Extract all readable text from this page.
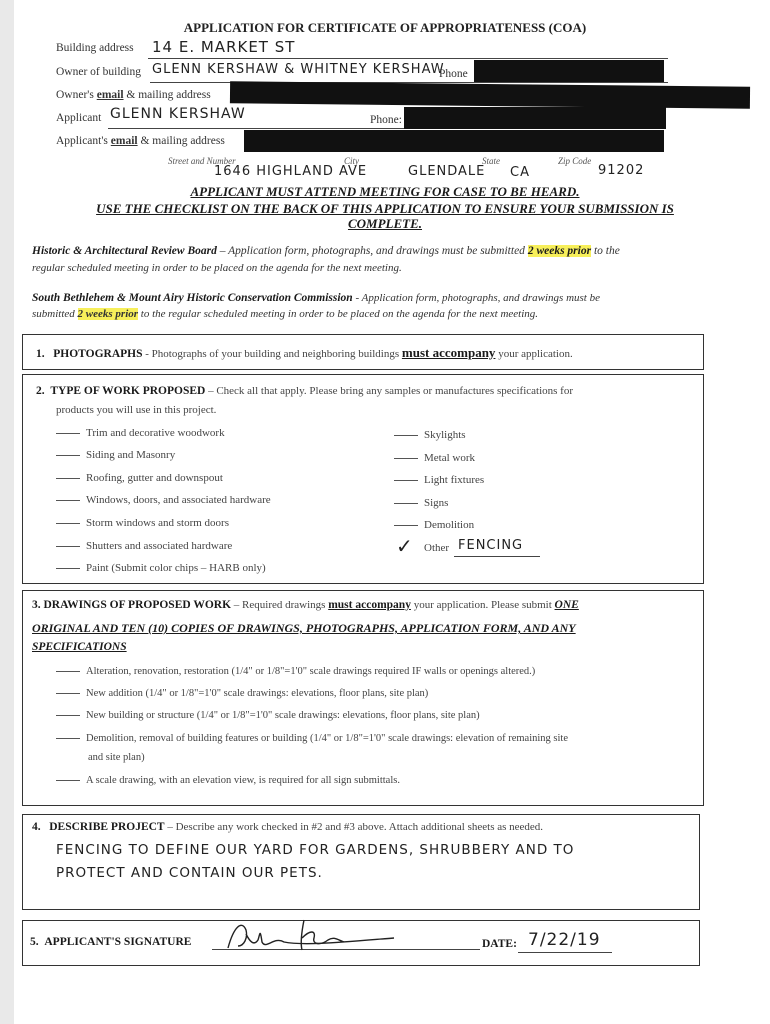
APPLICATION FOR CERTIFICATE OF APPROPRIATENESS (COA)
Building address 14 E. MARKET ST
Owner of building GLENN KERSHAW & WHITNEY KERSHAW
Phone
Owner's email & mailing address
Applicant GLENN KERSHAW	Phone:
Applicant's email & mailing address
Street and Number	City	State	Zip Code
1646 HIGHLAND AVE	GLENDALE CA	91202
APPLICANT MUST ATTEND MEETING FOR CASE TO BE HEARD.
USE THE CHECKLIST ON THE BACK OF THIS APPLICATION TO ENSURE YOUR SUBMISSION IS
COMPLETE.
Historic & Architectural Review Board – Application form, photographs, and drawings must be submitted 2 weeks prior to the
regular scheduled meeting in order to be placed on the agenda for the next meeting.
South Bethlehem & Mount Airy Historic Conservation Commission - Application form, photographs, and drawings must be
submitted 2 weeks prior to the regular scheduled meeting in order to be placed on the agenda for the next meeting.
1. PHOTOGRAPHS - Photographs of your building and neighboring buildings must accompany your application.
2. TYPE OF WORK PROPOSED – Check all that apply. Please bring any samples or manufactures specifications for
products you will use in this project.
Trim and decorative woodwork
Siding and Masonry
Roofing, gutter and downspout
Windows, doors, and associated hardware
Storm windows and storm doors
Shutters and associated hardware
Paint (Submit color chips – HARB only)
Skylights
Metal work
Light fixtures
Signs
Demolition
✓ Other FENCING
3. DRAWINGS OF PROPOSED WORK – Required drawings must accompany your application. Please submit ONE
ORIGINAL AND TEN (10) COPIES OF DRAWINGS, PHOTOGRAPHS, APPLICATION FORM, AND ANY
SPECIFICATIONS
Alteration, renovation, restoration (1/4" or 1/8"=1'0" scale drawings required IF walls or openings altered.)
New addition (1/4" or 1/8"=1'0" scale drawings: elevations, floor plans, site plan)
New building or structure (1/4" or 1/8"=1'0" scale drawings: elevations, floor plans, site plan)
Demolition, removal of building features or building (1/4" or 1/8"=1'0" scale drawings: elevation of remaining site
and site plan)
A scale drawing, with an elevation view, is required for all sign submittals.
4. DESCRIBE PROJECT – Describe any work checked in #2 and #3 above. Attach additional sheets as needed.
FENCING TO DEFINE OUR YARD FOR GARDENS, SHRUBBERY AND TO
PROTECT AND CONTAIN OUR PETS.
5. APPLICANT'S SIGNATURE	DATE: 7/22/19
